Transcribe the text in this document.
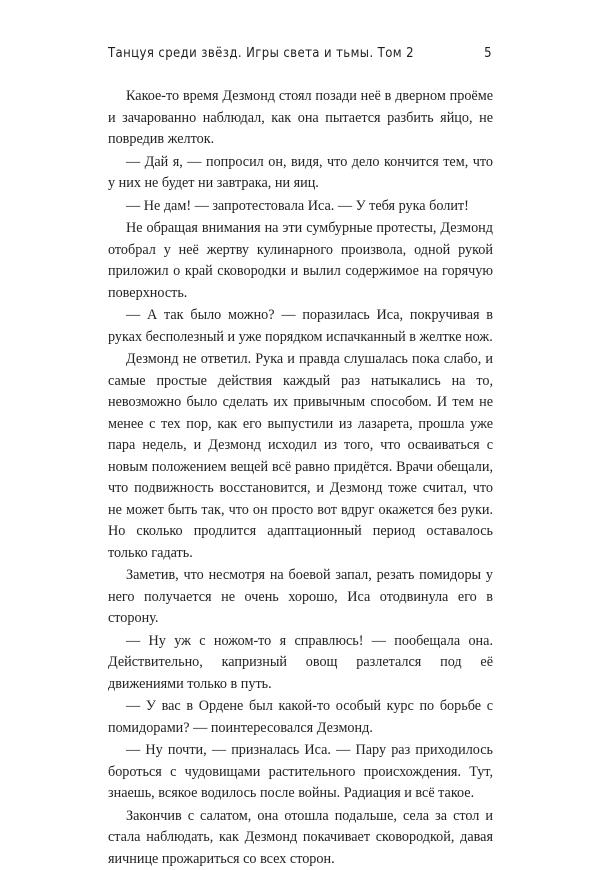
Танцуя среди звёзд. Игры света и тьмы. Том 2	5

Какое-то время Дезмонд стоял позади неё в дверном проёме и зачарованно наблюдал, как она пытается разбить яйцо, не повредив желток.

— Дай я, — попросил он, видя, что дело кончится тем, что у них не будет ни завтрака, ни яиц.

— Не дам! — запротестовала Иса. — У тебя рука болит!

Не обращая внимания на эти сумбурные протесты, Дезмонд отобрал у неё жертву кулинарного произвола, одной рукой приложил о край сковородки и вылил содержимое на горячую поверхность.

— А так было можно? — поразилась Иса, покручивая в руках бесполезный и уже порядком испачканный в желтке нож.

Дезмонд не ответил. Рука и правда слушалась пока слабо, и самые простые действия каждый раз натыкались на то, невозможно было сделать их привычным способом. И тем не менее с тех пор, как его выпустили из лазарета, прошла уже пара недель, и Дезмонд исходил из того, что осваиваться с новым положением вещей всё равно придётся. Врачи обещали, что подвижность восстановится, и Дезмонд тоже считал, что не может быть так, что он просто вот вдруг окажется без руки. Но сколько продлится адаптационный период оставалось только гадать.

Заметив, что несмотря на боевой запал, резать помидоры у него получается не очень хорошо, Иса отодвинула его в сторону.

— Ну уж с ножом-то я справлюсь! — пообещала она. Действительно, капризный овощ разлетался под её движениями только в путь.

— У вас в Ордене был какой-то особый курс по борьбе с помидорами? — поинтересовался Дезмонд.

— Ну почти, — призналась Иса. — Пару раз приходилось бороться с чудовищами растительного происхождения. Тут, знаешь, всякое водилось после войны. Радиация и всё такое.

Закончив с салатом, она отошла подальше, села за стол и стала наблюдать, как Дезмонд покачивает сковородкой, давая яичнице прожариться со всех сторон.
